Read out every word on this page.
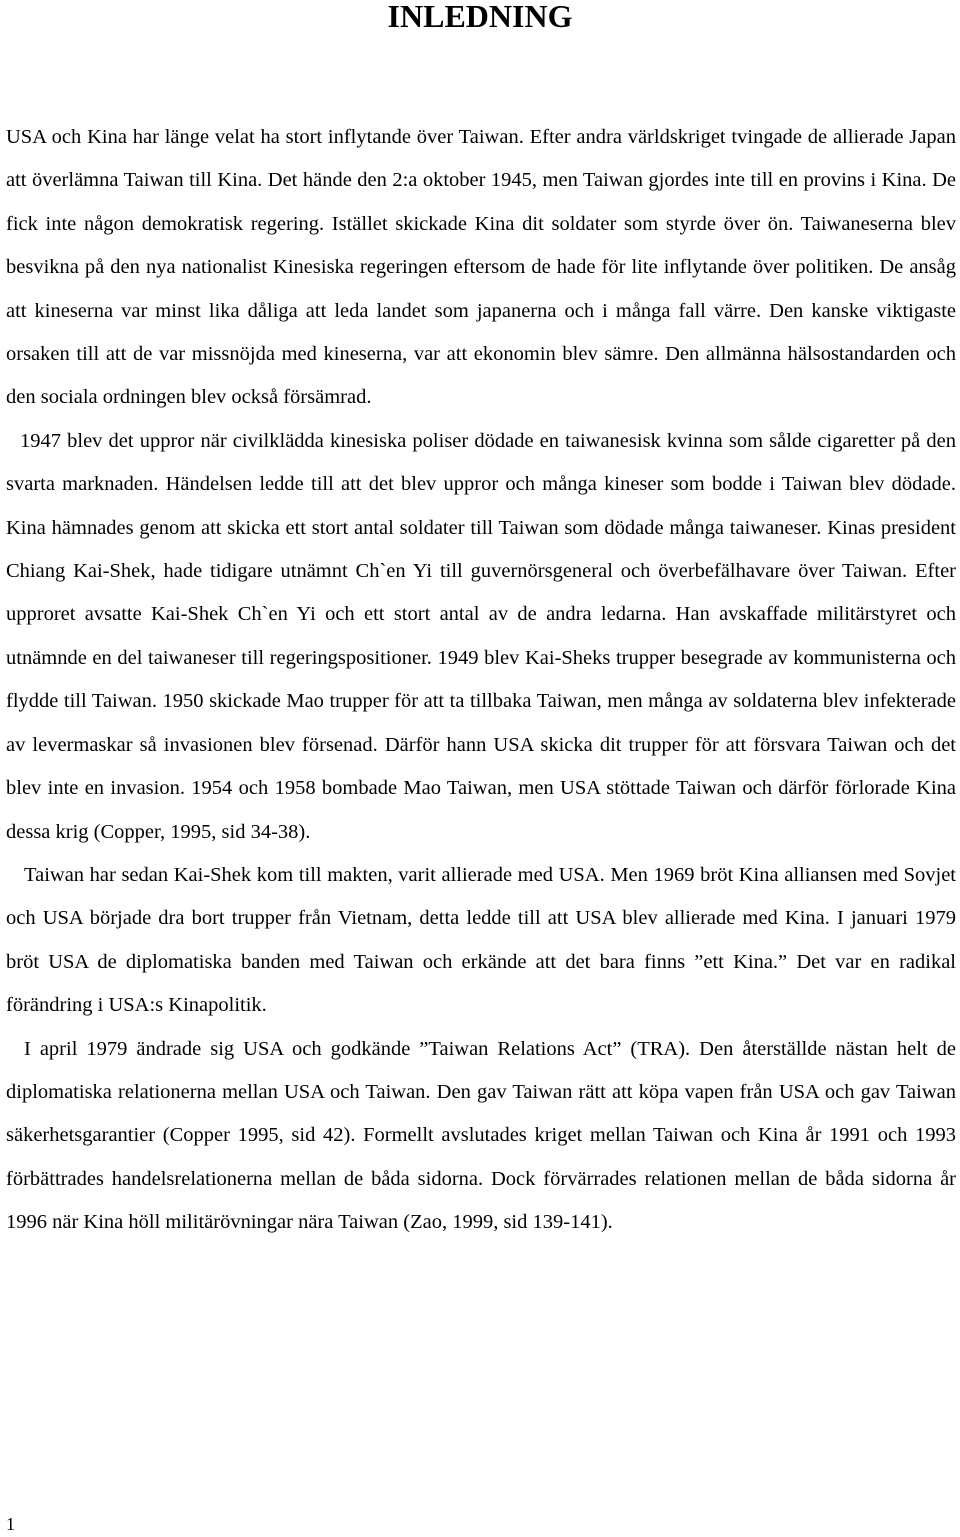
INLEDNING

USA och Kina har länge velat ha stort inflytande över Taiwan. Efter andra världskriget tvingade de allierade Japan att överlämna Taiwan till Kina. Det hände den 2:a oktober 1945, men Taiwan gjordes inte till en provins i Kina. De fick inte någon demokratisk regering. Istället skickade Kina dit soldater som styrde över ön. Taiwaneserna blev besvikna på den nya nationalist Kinesiska regeringen eftersom de hade för lite inflytande över politiken. De ansåg att kineserna var minst lika dåliga att leda landet som japanerna och i många fall värre. Den kanske viktigaste orsaken till att de var missnöjda med kineserna, var att ekonomin blev sämre. Den allmänna hälsostandarden och den sociala ordningen blev också försämrad.

1947 blev det uppror när civilklädda kinesiska poliser dödade en taiwanesisk kvinna som sålde cigaretter på den svarta marknaden. Händelsen ledde till att det blev uppror och många kineser som bodde i Taiwan blev dödade. Kina hämnades genom att skicka ett stort antal soldater till Taiwan som dödade många taiwaneser. Kinas president Chiang Kai-Shek, hade tidigare utnämnt Ch`en Yi till guvernörsgeneral och överbefälhavare över Taiwan. Efter upproret avsatte Kai-Shek Ch`en Yi och ett stort antal av de andra ledarna. Han avskaffade militärstyret och utnämnde en del taiwaneser till regeringspositioner. 1949 blev Kai-Sheks trupper besegrade av kommunisterna och flydde till Taiwan. 1950 skickade Mao trupper för att ta tillbaka Taiwan, men många av soldaterna blev infekterade av levermaskar så invasionen blev försenad. Därför hann USA skicka dit trupper för att försvara Taiwan och det blev inte en invasion. 1954 och 1958 bombade Mao Taiwan, men USA stöttade Taiwan och därför förlorade Kina dessa krig (Copper, 1995, sid 34-38).

Taiwan har sedan Kai-Shek kom till makten, varit allierade med USA. Men 1969 bröt Kina alliansen med Sovjet och USA började dra bort trupper från Vietnam, detta ledde till att USA blev allierade med Kina. I januari 1979 bröt USA de diplomatiska banden med Taiwan och erkände att det bara finns ”ett Kina.” Det var en radikal förändring i USA:s Kinapolitik.

I april 1979 ändrade sig USA och godkände ”Taiwan Relations Act” (TRA). Den återställde nästan helt de diplomatiska relationerna mellan USA och Taiwan. Den gav Taiwan rätt att köpa vapen från USA och gav Taiwan säkerhetsgarantier (Copper 1995, sid 42). Formellt avslutades kriget mellan Taiwan och Kina år 1991 och 1993 förbättrades handelsrelationerna mellan de båda sidorna. Dock förvärrades relationen mellan de båda sidorna år 1996 när Kina höll militärövningar nära Taiwan (Zao, 1999, sid 139-141).

1
